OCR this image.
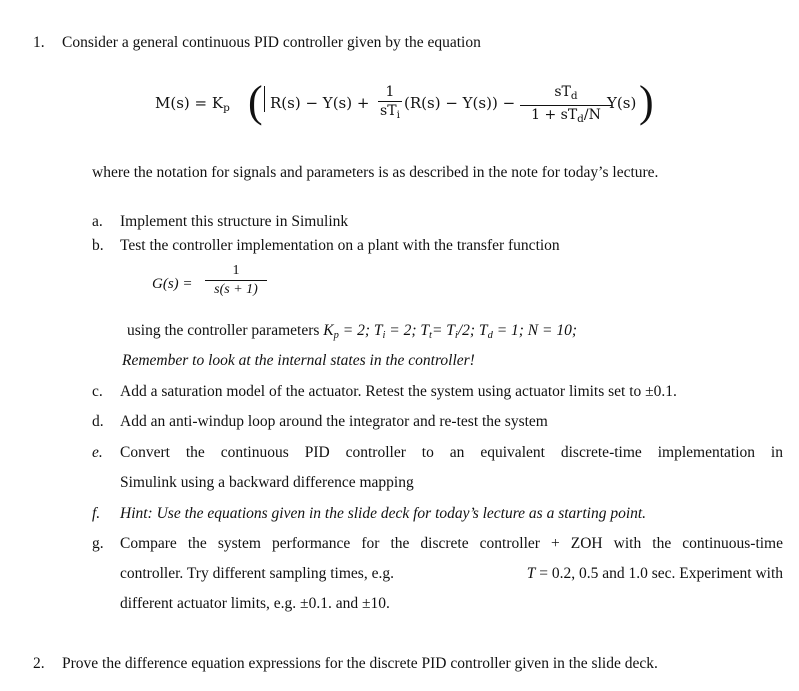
1. Consider a general continuous PID controller given by the equation
$M(s) = K_p$ ( R(s) − Y(s) +
1
$sT_i$
(R(s) − Y(s)) −
$sT_d$
$1 + sT_d/N$
Y(s) )
where the notation for signals and parameters is as described in the note for today’s lecture.
a. Implement this structure in Simulink
b. Test the controller implementation on a plant with the transfer function
G(s) =
1
s(s + 1)
using the controller parameters $K_p = 2$; $T_i = 2$; $T_t= T_i/2$; $T_d = 1$; N = 10;
Remember to look at the internal states in the controller!
c. Add a saturation model of the actuator. Retest the system using actuator limits set to ±0.1.
d. Add an anti-windup loop around the integrator and re-test the system
e. Convert the continuous PID controller to an equivalent discrete-time implementation in
Simulink using a backward difference mapping
f. Hint: Use the equations given in the slide deck for today’s lecture as a starting point.
g. Compare the system performance for the discrete controller + ZOH with the continuous-time
controller. Try different sampling times, e.g.	T = 0.2, 0.5 and 1.0 sec. Experiment with
different actuator limits, e.g. ±0.1. and ±10.
2. Prove the difference equation expressions for the discrete PID controller given in the slide deck.
